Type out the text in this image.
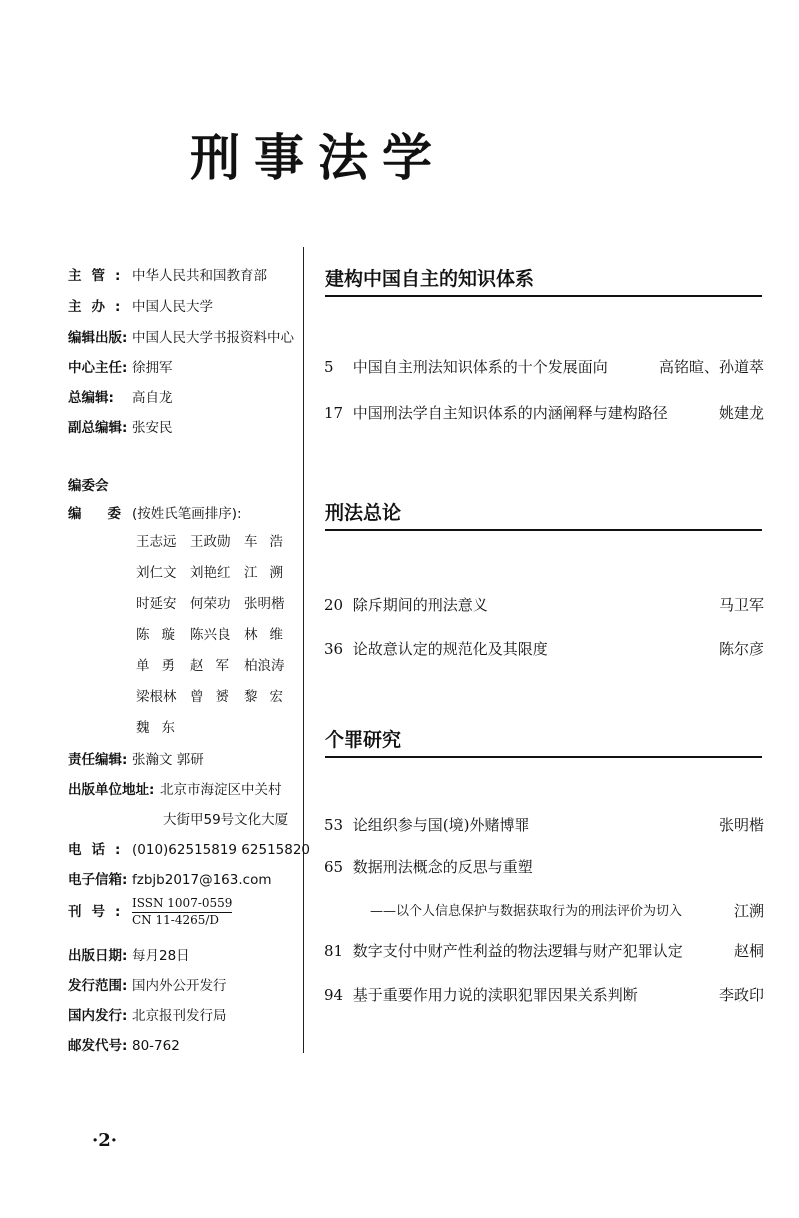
刑事法学
主管: 中华人民共和国教育部
主办: 中国人民大学
编辑出版: 中国人民大学书报资料中心
中心主任: 徐拥军
总编辑: 高自龙
副总编辑: 张安民
编委会
编委(按姓氏笔画排序):
王志远 王政勋 车浩
刘仁文 刘艳红 江溯
时延安 何荣功 张明楷
陈璇 陈兴良 林维
单勇 赵军 柏浪涛
梁根林 曾赟 黎宏
魏东
责任编辑: 张瀚文 郭研
出版单位地址: 北京市海淀区中关村
大街甲59号文化大厦
电话: (010)62515819 62515820
电子信箱: fzbjb2017@163.com
刊号:
ISSN 1007-0559
CN 11-4265/D
出版日期: 每月28日
发行范围: 国内外公开发行
国内发行: 北京报刊发行局
邮发代号: 80-762
建构中国自主的知识体系
5 中国自主刑法知识体系的十个发展面向	高铭暄、孙道萃
17 中国刑法学自主知识体系的内涵阐释与建构路径	姚建龙
刑法总论
20 除斥期间的刑法意义	马卫军
36 论故意认定的规范化及其限度	陈尔彦
个罪研究
53 论组织参与国(境)外赌博罪	张明楷
65 数据刑法概念的反思与重塑
——以个人信息保护与数据获取行为的刑法评价为切入	江溯
81 数字支付中财产性利益的物法逻辑与财产犯罪认定	赵桐
94 基于重要作用力说的渎职犯罪因果关系判断	李政印
·2·
